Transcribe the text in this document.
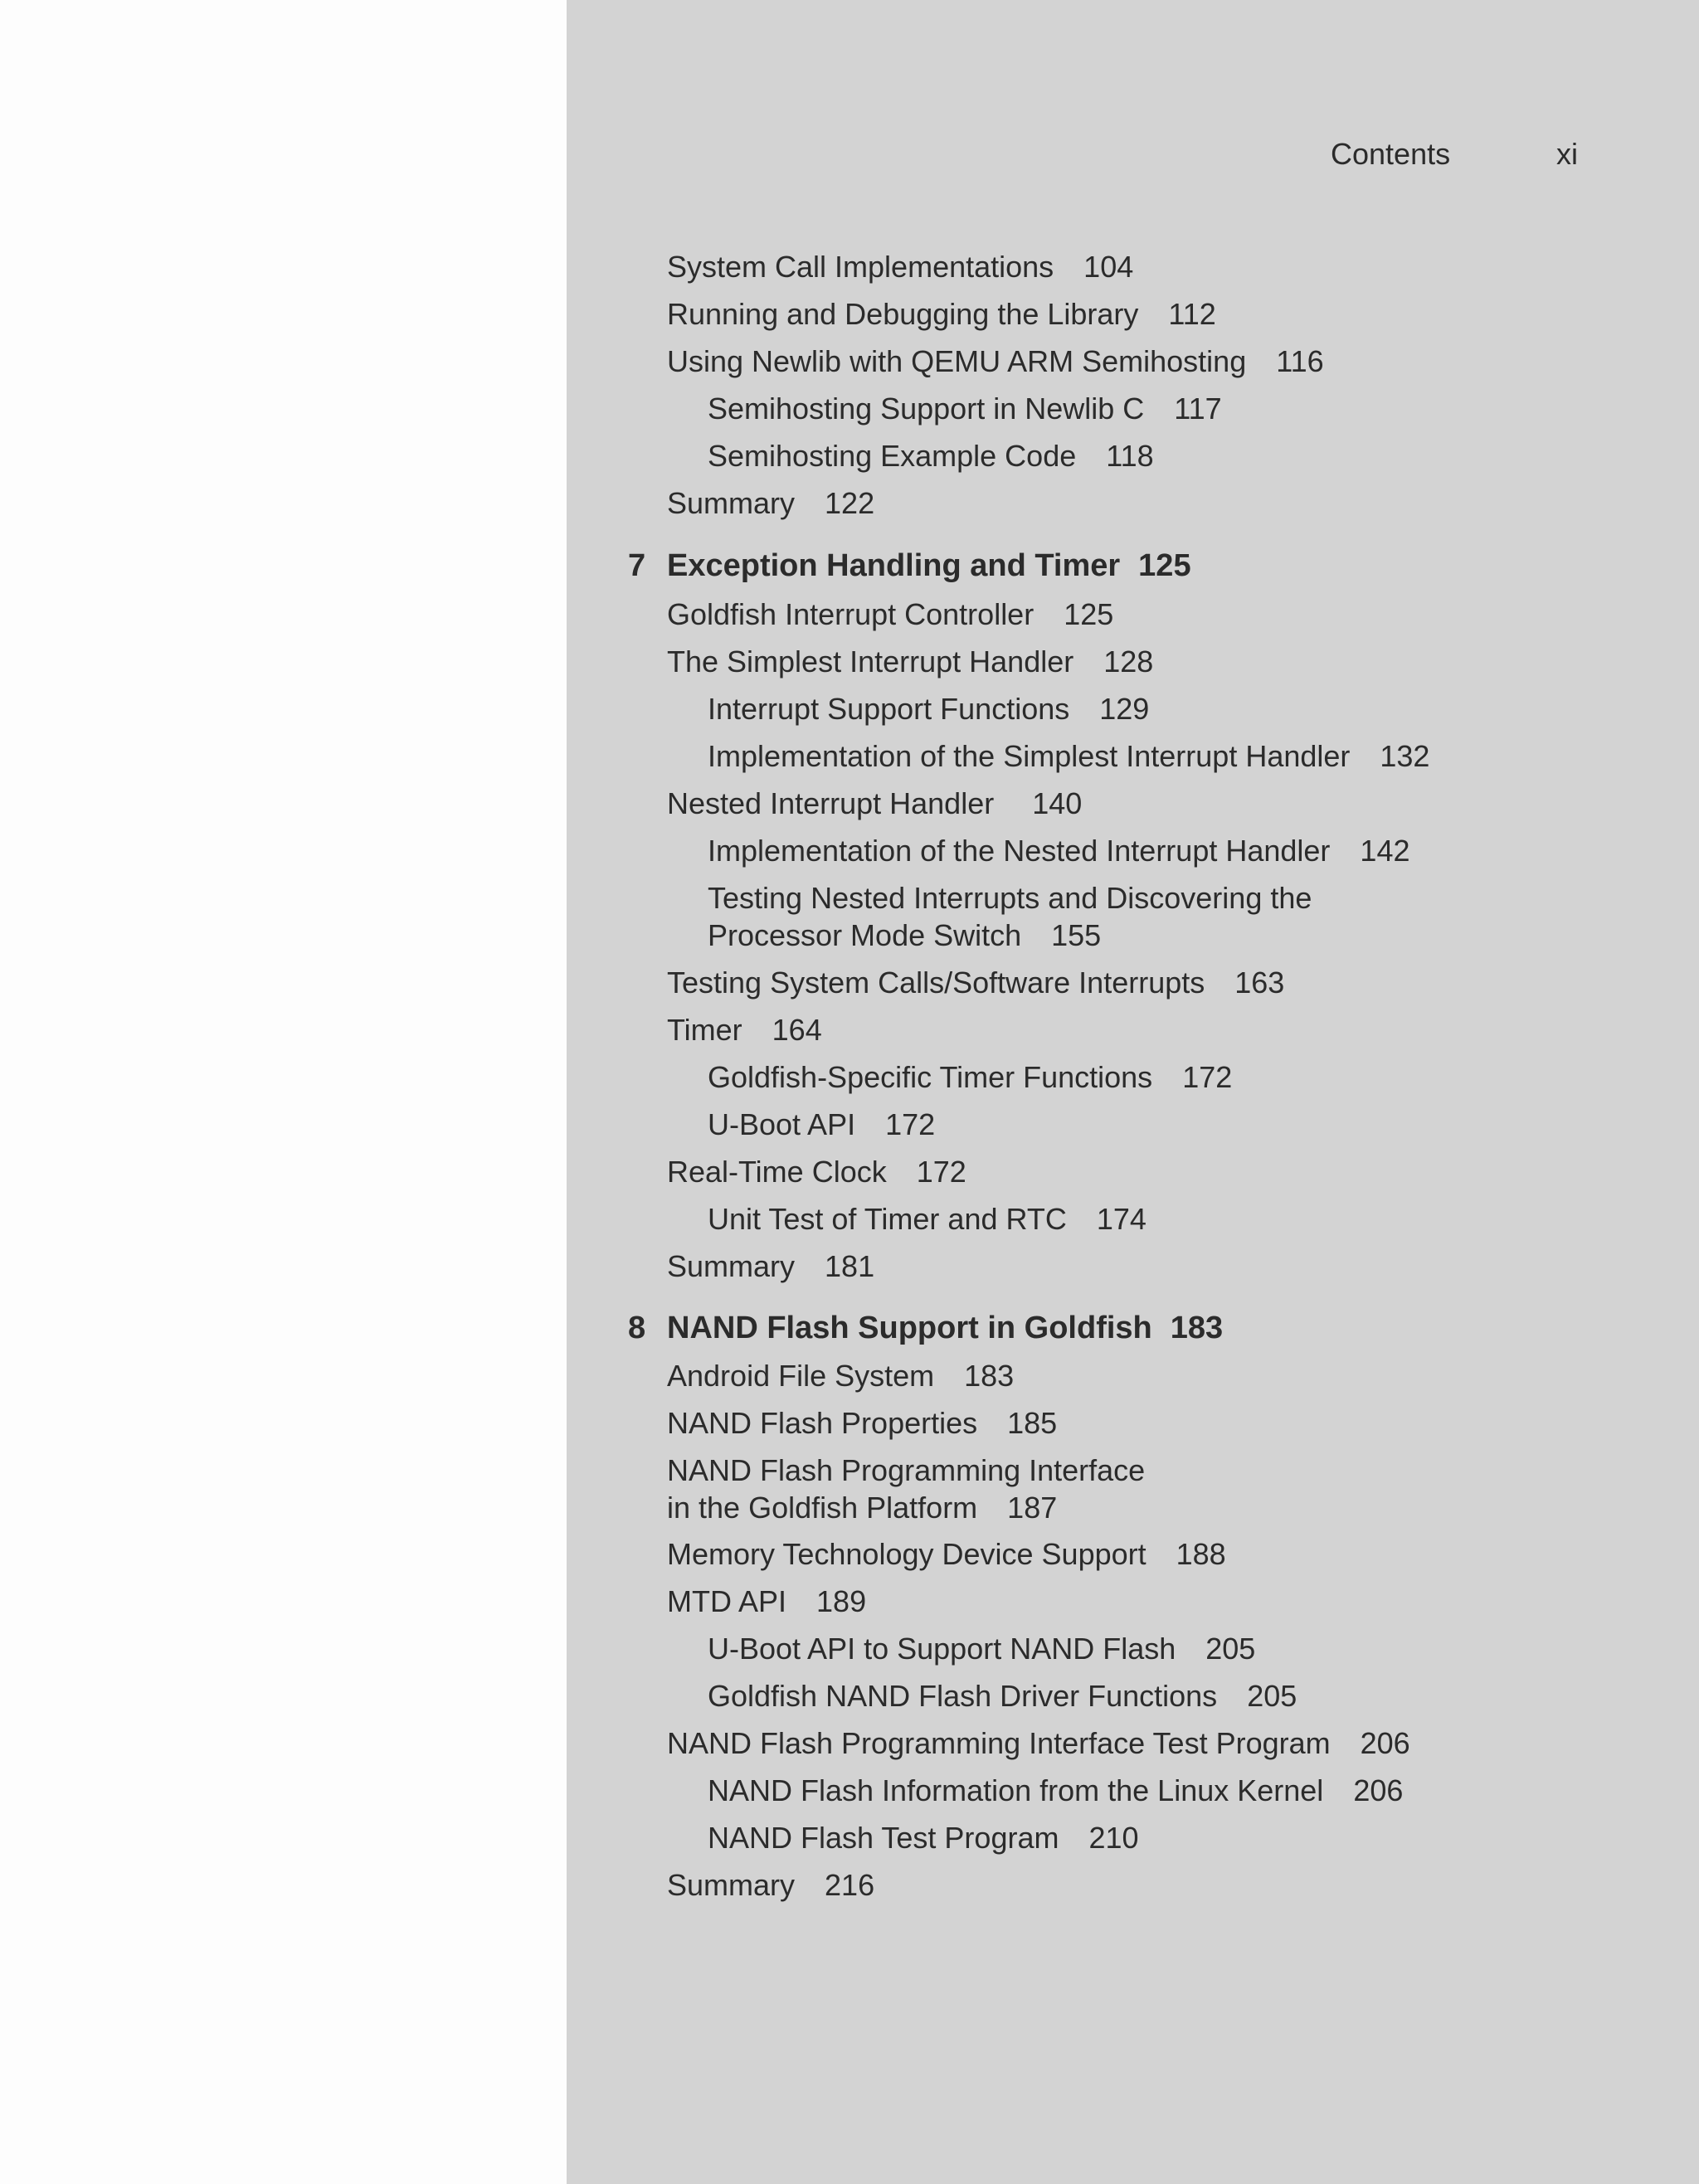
Contents	xi
System Call Implementations 104
Running and Debugging the Library 112
Using Newlib with QEMU ARM Semihosting 116
Semihosting Support in Newlib C 117
Semihosting Example Code 118
Summary 122
7 Exception Handling and Timer 125
Goldfish Interrupt Controller 125
The Simplest Interrupt Handler 128
Interrupt Support Functions 129
Implementation of the Simplest Interrupt Handler 132
Nested Interrupt Handler 140
Implementation of the Nested Interrupt Handler 142
Testing Nested Interrupts and Discovering the
Processor Mode Switch 155
Testing System Calls/Software Interrupts 163
Timer 164
Goldfish-Specific Timer Functions 172
U-Boot API 172
Real-Time Clock 172
Unit Test of Timer and RTC 174
Summary 181
8 NAND Flash Support in Goldfish 183
Android File System 183
NAND Flash Properties 185
NAND Flash Programming Interface
in the Goldfish Platform 187
Memory Technology Device Support 188
MTD API 189
U-Boot API to Support NAND Flash 205
Goldfish NAND Flash Driver Functions 205
NAND Flash Programming Interface Test Program 206
NAND Flash Information from the Linux Kernel 206
NAND Flash Test Program 210
Summary 216
